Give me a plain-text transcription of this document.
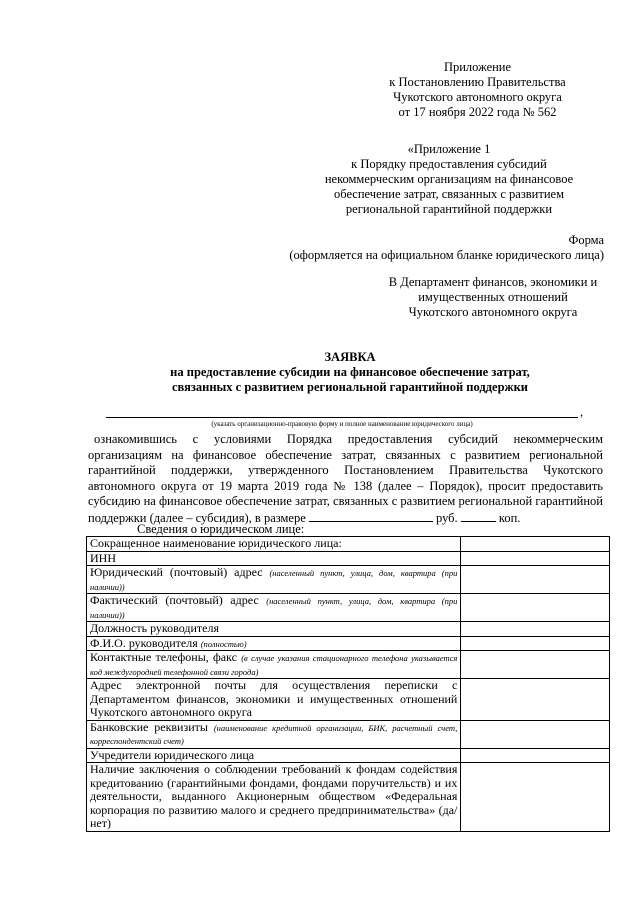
Приложение
к Постановлению Правительства
Чукотского автономного округа
от 17 ноября 2022 года № 562
«Приложение 1
к Порядку предоставления субсидий
некоммерческим организациям на финансовое
обеспечение затрат, связанных с развитием
региональной гарантийной поддержки
Форма
(оформляется на официальном бланке юридического лица)
В Департамент финансов, экономики и
имущественных отношений
Чукотского автономного округа
ЗАЯВКА
на предоставление субсидии на финансовое обеспечение затрат,
связанных с развитием региональной гарантийной поддержки
,
(указать организационно-правовую форму и полное наименование юридического лица)
ознакомившись с условиями Порядка предоставления субсидий некоммерческим организациям на финансовое обеспечение затрат, связанных с развитием региональной гарантийной поддержки, утвержденного Постановлением Правительства Чукотского автономного округа от 19 марта 2019 года № 138 (далее – Порядок), просит предоставить субсидию на финансовое обеспечение затрат, связанных с развитием региональной гарантийной поддержки (далее – субсидия), в размере	руб.	коп.
Сведения о юридическом лице:
Сокращенное наименование юридического лица:	
ИНН	
Юридический (почтовый) адрес (населенный пункт, улица, дом, квартира (при наличии))	
Фактический (почтовый) адрес (населенный пункт, улица, дом, квартира (при наличии))	
Должность руководителя	
Ф.И.О. руководителя (полностью)	
Контактные телефоны, факс (в случае указания стационарного телефона указывается код междугородней телефонной связи города)	
Адрес электронной почты для осуществления переписки с Департаментом финансов, экономики и имущественных отношений Чукотского автономного округа	
Банковские реквизиты (наименование кредитной организации, БИК, расчетный счет, корреспондентский счет)	
Учредители юридического лица	
Наличие заключения о соблюдении требований к фондам содействия кредитованию (гарантийными фондами, фондами поручительств) и их деятельности, выданного Акционерным обществом «Федеральная корпорация по развитию малого и среднего предпринимательства» (да/нет)	
